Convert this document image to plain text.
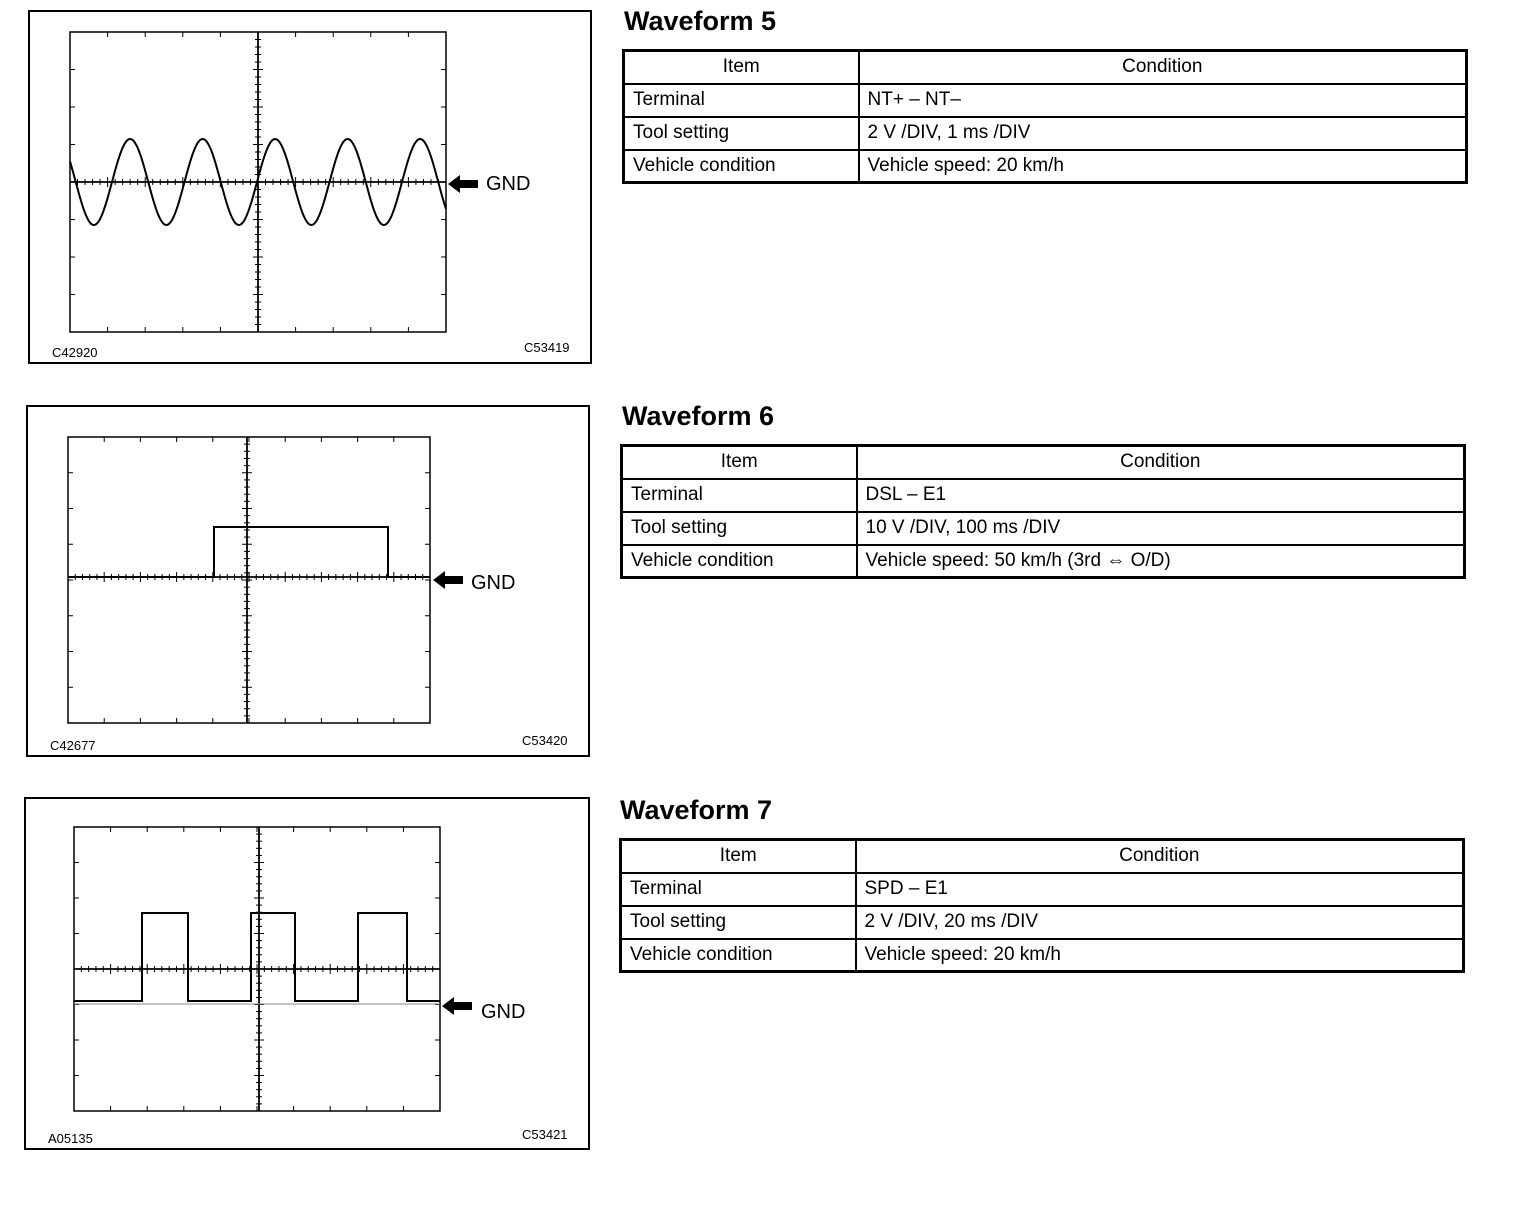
C42920	C53419
GND
Waveform 5
Item	Condition
Terminal	NT+ – NT–
Tool setting	2 V /DIV, 1 ms /DIV
Vehicle condition	Vehicle speed: 20 km/h
C42677	C53420
GND
Waveform 6
Item	Condition
Terminal	DSL – E1
Tool setting	10 V /DIV, 100 ms /DIV
Vehicle condition	Vehicle speed: 50 km/h (3rd ⇔ O/D)
A05135	C53421
GND
Waveform 7
Item	Condition
Terminal	SPD – E1
Tool setting	2 V /DIV, 20 ms /DIV
Vehicle condition	Vehicle speed: 20 km/h
